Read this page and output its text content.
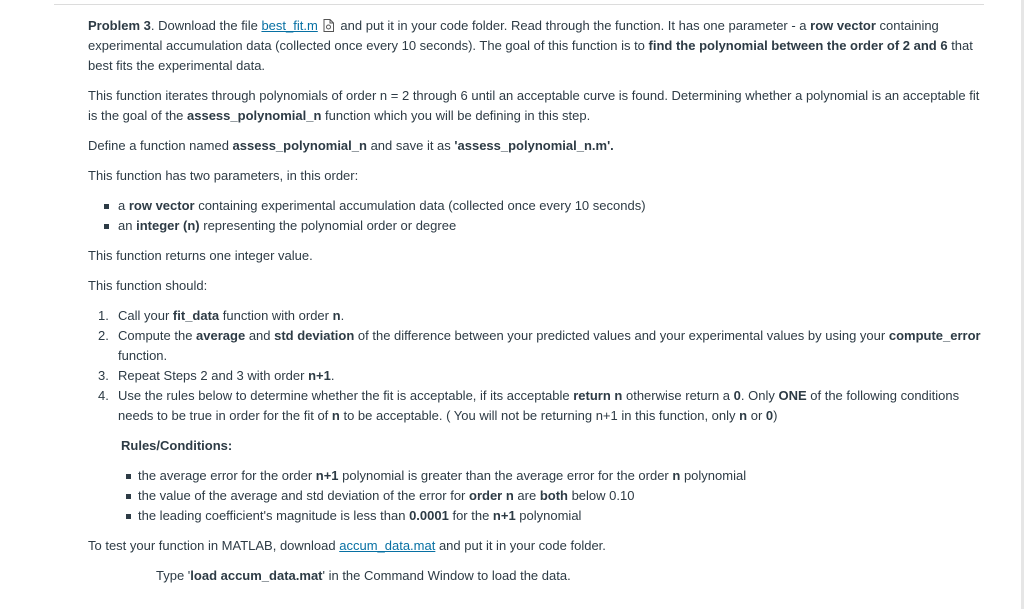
Problem 3. Download the file best_fit.m and put it in your code folder. Read through the function. It has one parameter - a row vector containing experimental accumulation data (collected once every 10 seconds). The goal of this function is to find the polynomial between the order of 2 and 6 that best fits the experimental data.

This function iterates through polynomials of order n = 2 through 6 until an acceptable curve is found. Determining whether a polynomial is an acceptable fit is the goal of the assess_polynomial_n function which you will be defining in this step.

Define a function named assess_polynomial_n and save it as 'assess_polynomial_n.m'.

This function has two parameters, in this order:

a row vector containing experimental accumulation data (collected once every 10 seconds)
an integer (n) representing the polynomial order or degree

This function returns one integer value.

This function should:

1. Call your fit_data function with order n.
2. Compute the average and std deviation of the difference between your predicted values and your experimental values by using your compute_error function.
3. Repeat Steps 2 and 3 with order n+1.
4. Use the rules below to determine whether the fit is acceptable, if its acceptable return n otherwise return a 0. Only ONE of the following conditions needs to be true in order for the fit of n to be acceptable. ( You will not be returning n+1 in this function, only n or 0)

Rules/Conditions:

the average error for the order n+1 polynomial is greater than the average error for the order n polynomial
the value of the average and std deviation of the error for order n are both below 0.10
the leading coefficient's magnitude is less than 0.0001 for the n+1 polynomial

To test your function in MATLAB, download accum_data.mat and put it in your code folder.

Type 'load accum_data.mat' in the Command Window to load the data.
